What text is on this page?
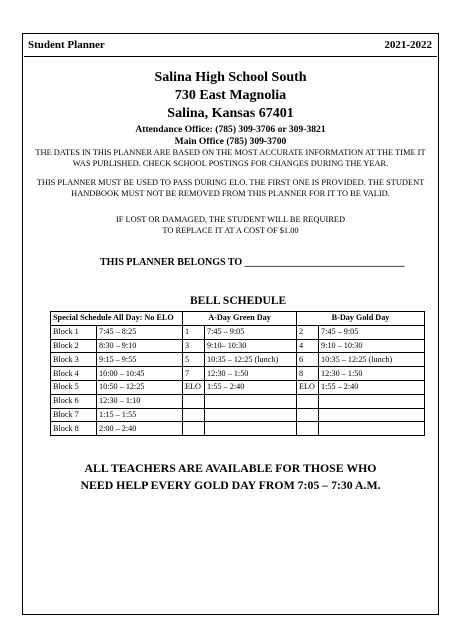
Student Planner	2021-2022
Salina High School South
730 East Magnolia
Salina, Kansas 67401
Attendance Office: (785) 309-3706 or 309-3821
Main Office (785) 309-3700
THE DATES IN THIS PLANNER ARE BASED ON THE MOST ACCURATE INFORMATION AT THE TIME IT
WAS PUBLISHED. CHECK SCHOOL POSTINGS FOR CHANGES DURING THE YEAR.
THIS PLANNER MUST BE USED TO PASS DURING ELO. THE FIRST ONE IS PROVIDED. THE STUDENT
HANDBOOK MUST NOT BE REMOVED FROM THIS PLANNER FOR IT TO BE VALID.
IF LOST OR DAMAGED, THE STUDENT WILL BE REQUIRED
TO REPLACE IT AT A COST OF $1.00
THIS PLANNER BELONGS TO ________________________________
BELL SCHEDULE
Special Schedule All Day: No ELO		A-Day Green Day		B-Day Gold Day	
Block 1	7:45 – 8:25	1	7:45 – 9:05	2	7:45 – 9:05
Block 2	8:30 – 9:10	3	9:10– 10:30	4	9:10 – 10:30
Block 3	9:15 – 9:55	5	10:35 – 12:25 (lunch)	6	10:35 – 12:25 (lunch)
Block 4	10:00 – 10:45	7	12:30 – 1:50	8	12:30 – 1:50
Block 5	10:50 – 12:25	ELO	1:55 – 2:40	ELO	1:55 – 2:40
Block 6	12:30 – 1:10				
Block 7	1:15 – 1:55				
Block 8	2:00 – 2:40				
ALL TEACHERS ARE AVAILABLE FOR THOSE WHO
NEED HELP EVERY GOLD DAY FROM 7:05 – 7:30 A.M.
